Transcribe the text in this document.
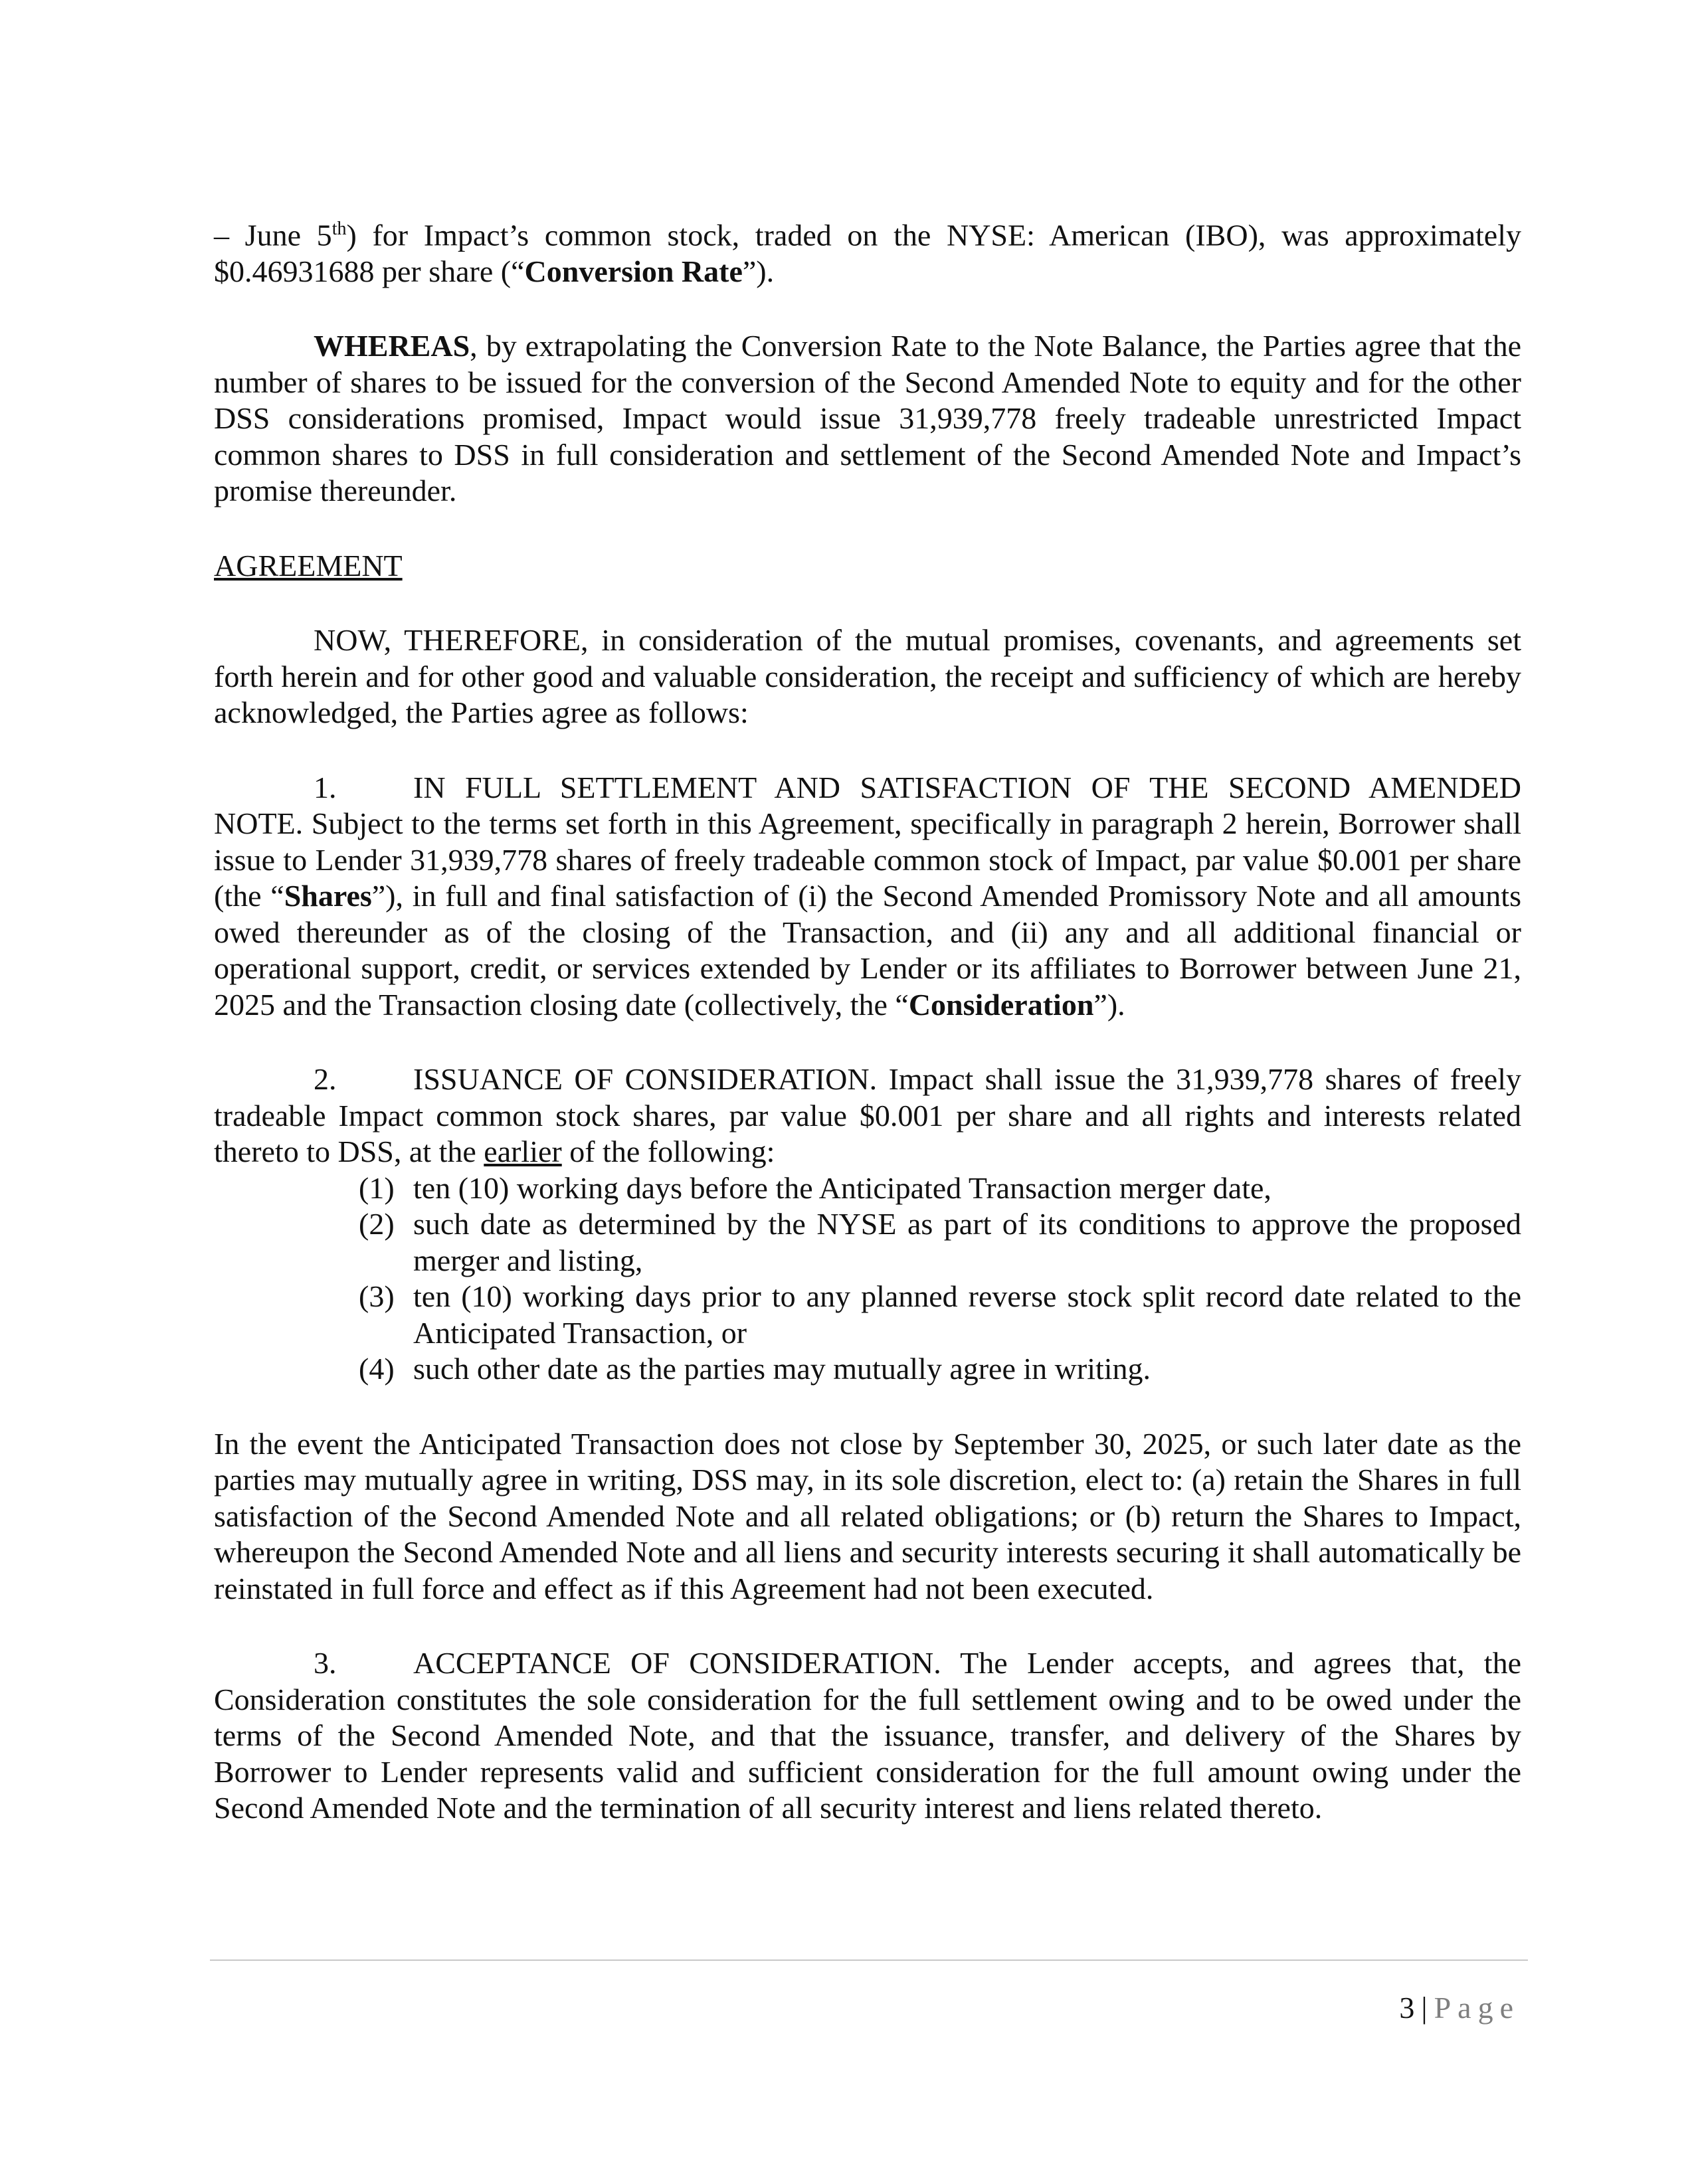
– June 5th) for Impact’s common stock, traded on the NYSE: American (IBO), was approximately $0.46931688 per share (“Conversion Rate”).

WHEREAS, by extrapolating the Conversion Rate to the Note Balance, the Parties agree that the number of shares to be issued for the conversion of the Second Amended Note to equity and for the other DSS considerations promised, Impact would issue 31,939,778 freely tradeable unrestricted Impact common shares to DSS in full consideration and settlement of the Second Amended Note and Impact’s promise thereunder.

AGREEMENT

NOW, THEREFORE, in consideration of the mutual promises, covenants, and agreements set forth herein and for other good and valuable consideration, the receipt and sufficiency of which are hereby acknowledged, the Parties agree as follows:

1.	IN FULL SETTLEMENT AND SATISFACTION OF THE SECOND AMENDED NOTE. Subject to the terms set forth in this Agreement, specifically in paragraph 2 herein, Borrower shall issue to Lender 31,939,778 shares of freely tradeable common stock of Impact, par value $0.001 per share (the “Shares”), in full and final satisfaction of (i) the Second Amended Promissory Note and all amounts owed thereunder as of the closing of the Transaction, and (ii) any and all additional financial or operational support, credit, or services extended by Lender or its affiliates to Borrower between June 21, 2025 and the Transaction closing date (collectively, the “Consideration”).

2.	ISSUANCE OF CONSIDERATION. Impact shall issue the 31,939,778 shares of freely tradeable Impact common stock shares, par value $0.001 per share and all rights and interests related thereto to DSS, at the earlier of the following:

(1) ten (10) working days before the Anticipated Transaction merger date,
(2) such date as determined by the NYSE as part of its conditions to approve the proposed merger and listing,
(3) ten (10) working days prior to any planned reverse stock split record date related to the Anticipated Transaction, or
(4) such other date as the parties may mutually agree in writing.

In the event the Anticipated Transaction does not close by September 30, 2025, or such later date as the parties may mutually agree in writing, DSS may, in its sole discretion, elect to: (a) retain the Shares in full satisfaction of the Second Amended Note and all related obligations; or (b) return the Shares to Impact, whereupon the Second Amended Note and all liens and security interests securing it shall automatically be reinstated in full force and effect as if this Agreement had not been executed.

3.	ACCEPTANCE OF CONSIDERATION. The Lender accepts, and agrees that, the Consideration constitutes the sole consideration for the full settlement owing and to be owed under the terms of the Second Amended Note, and that the issuance, transfer, and delivery of the Shares by Borrower to Lender represents valid and sufficient consideration for the full amount owing under the Second Amended Note and the termination of all security interest and liens related thereto.

3 | Page
